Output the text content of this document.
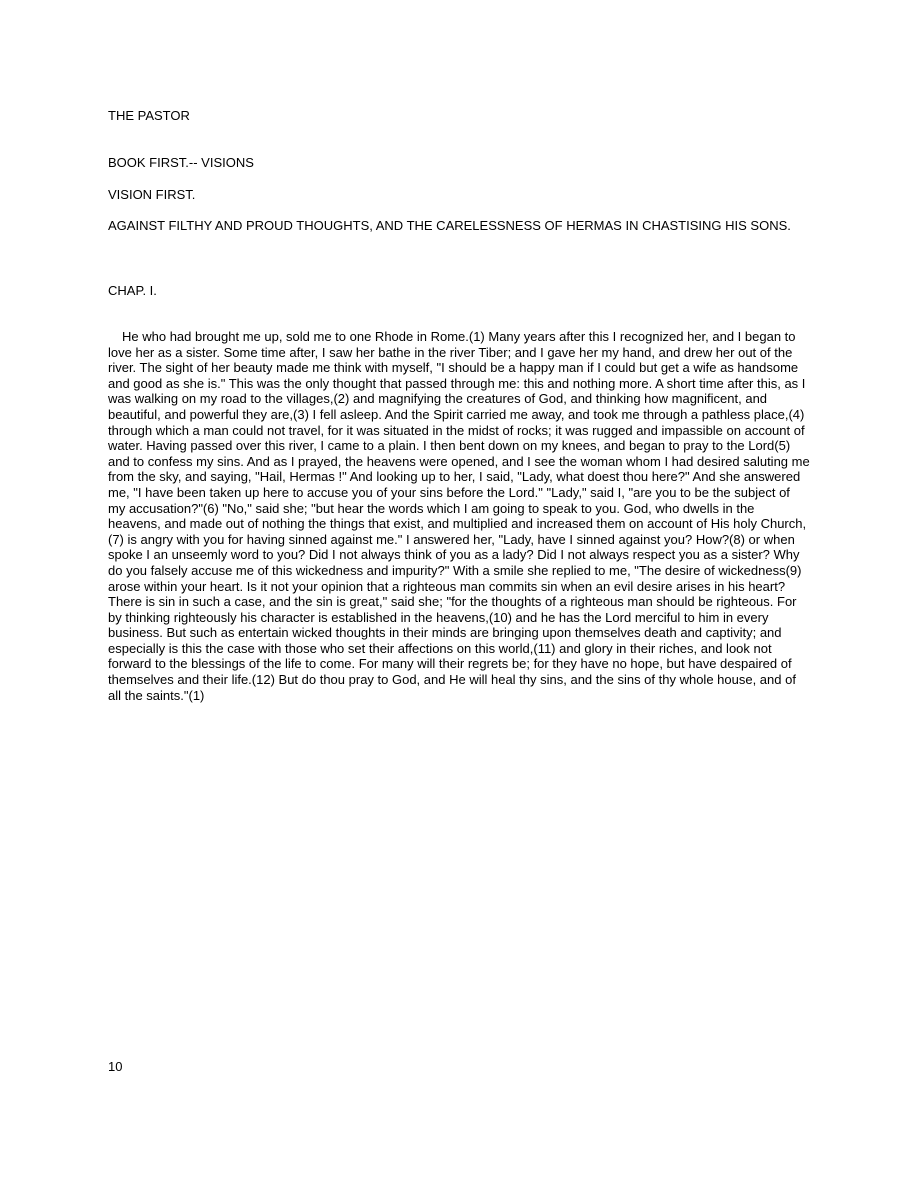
THE PASTOR

BOOK FIRST.-- VISIONS

VISION FIRST.

AGAINST FILTHY AND PROUD THOUGHTS, AND THE CARELESSNESS OF HERMAS IN CHASTISING HIS SONS.

CHAP. I.

He who had brought me up, sold me to one Rhode in Rome.(1) Many years after this I recognized her, and I began to love her as a sister. Some time after, I saw her bathe in the river Tiber; and I gave her my hand, and drew her out of the river. The sight of her beauty made me think with myself, "I should be a happy man if I could but get a wife as handsome and good as she is." This was the only thought that passed through me: this and nothing more. A short time after this, as I was walking on my road to the villages,(2) and magnifying the creatures of God, and thinking how magnificent, and beautiful, and powerful they are,(3) I fell asleep. And the Spirit carried me away, and took me through a pathless place,(4) through which a man could not travel, for it was situated in the midst of rocks; it was rugged and impassible on account of water. Having passed over this river, I came to a plain. I then bent down on my knees, and began to pray to the Lord(5) and to confess my sins. And as I prayed, the heavens were opened, and I see the woman whom I had desired saluting me from the sky, and saying, "Hail, Hermas !" And looking up to her, I said, "Lady, what doest thou here?" And she answered me, "I have been taken up here to accuse you of your sins before the Lord." "Lady," said I, "are you to be the subject of my accusation?"(6) "No," said she; "but hear the words which I am going to speak to you. God, who dwells in the heavens, and made out of nothing the things that exist, and multiplied and increased them on account of His holy Church,(7) is angry with you for having sinned against me." I answered her, "Lady, have I sinned against you? How?(8) or when spoke I an unseemly word to you? Did I not always think of you as a lady? Did I not always respect you as a sister? Why do you falsely accuse me of this wickedness and impurity?" With a smile she replied to me, "The desire of wickedness(9) arose within your heart. Is it not your opinion that a righteous man commits sin when an evil desire arises in his heart? There is sin in such a case, and the sin is great," said she; "for the thoughts of a righteous man should be righteous. For by thinking righteously his character is established in the heavens,(10) and he has the Lord merciful to him in every business. But such as entertain wicked thoughts in their minds are bringing upon themselves death and captivity; and especially is this the case with those who set their affections on this world,(11) and glory in their riches, and look not forward to the blessings of the life to come. For many will their regrets be; for they have no hope, but have despaired of themselves and their life.(12) But do thou pray to God, and He will heal thy sins, and the sins of thy whole house, and of all the saints."(1)

10
